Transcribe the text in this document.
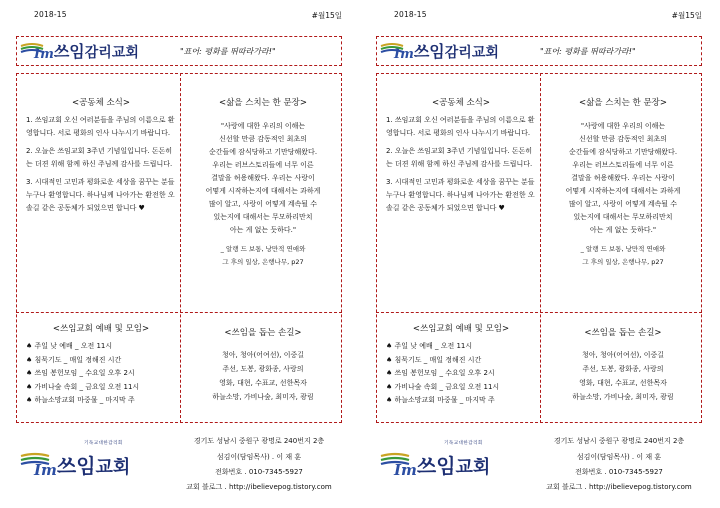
2018-15	#월15일
Im 쓰임 감리교회	"표어: 평화를 뛰따라가라!"
<공동체 소식>

1. 쓰임교회 오신 여러분들을 주님의 이름으로 환영합니다. 서로 평화의 인사 나누시기 바랍니다.

2. 오늘은 쓰임교회 3주년 기념일입니다. 돈돈히는 더젼 위해 함께 하신 주님께 감사를 드립니다.

3. 시대적인 고민과 평화로운 세상을 꿈꾸는 분들 누구나 환영합니다. 하나님께 나아가는 환전한 오솔길 같은 공동체가 되었으면 합니다 ♥

<삶을 스치는 한 문장>
"사랑에 대한 우리의 이해는
신선할 만큼 감동적인 최초의
순간들에 잠식당하고 기만당해왔다.
우리는 러브스토리들에 너무 이른
결말을 허용해왔다. 우리는 사랑이
어떻게 시작하는지에 대해서는 과하게
많이 알고, 사랑이 어떻게 계속될 수
있는지에 대해서는 무모하리만치
아는 게 없는 듯하다."
_ 알랭 드 보통, 낭만적 연애와
그 후의 일상, 은행나무, p27
<쓰임교회 예배 및 모임>
♠ 주일 낮 예배 _ 오전 11시
♠ 침묵기도 _ 매일 정해진 시간
♠ 쓰임 봉헌모임 _ 수요일 오후 2시
♠ 가비나숲 속회 _ 금요일 오전 11시
♠ 하늘소망교회 마중물 _ 마지막 주
<쓰임을 돕는 손길>
청아, 청아(어여선), 이중길
주선, 도봉, 광화종, 사랑의
영화, 대현, 수표교, 선한목자
하늘소망, 가비나숲, 최미자, 광림
기독교대한감리회
Im 쓰임 교회
경기도 성남시 중원구 광명로 240번지 2층
섬김이(담임목사) . 이 재 훈
전화번호 . 010-7345-5927
교회 블로그 . http://ibelievepog.tistory.com
2018-15	#월15일
Im 쓰임 감리교회	"표어: 평화를 뛰따라가라!"
<공동체 소식>

1. 쓰임교회 오신 여러분들을 주님의 이름으로 환영합니다. 서로 평화의 인사 나누시기 바랍니다.

2. 오늘은 쓰임교회 3주년 기념일입니다. 돈돈히는 더젼 위해 함께 하신 주님께 감사를 드립니다.

3. 시대적인 고민과 평화로운 세상을 꿈꾸는 분들 누구나 환영합니다. 하나님께 나아가는 환전한 오솔길 같은 공동체가 되었으면 합니다 ♥

<삶을 스치는 한 문장>
"사랑에 대한 우리의 이해는
신선할 만큼 감동적인 최초의
순간들에 잠식당하고 기만당해왔다.
우리는 러브스토리들에 너무 이른
결말을 허용해왔다. 우리는 사랑이
어떻게 시작하는지에 대해서는 과하게
많이 알고, 사랑이 어떻게 계속될 수
있는지에 대해서는 무모하리만치
아는 게 없는 듯하다."
_ 알랭 드 보통, 낭만적 연애와
그 후의 일상, 은행나무, p27
<쓰임교회 예배 및 모임>
♠ 주일 낮 예배 _ 오전 11시
♠ 침묵기도 _ 매일 정해진 시간
♠ 쓰임 봉헌모임 _ 수요일 오후 2시
♠ 가비나숲 속회 _ 금요일 오전 11시
♠ 하늘소망교회 마중물 _ 마지막 주
<쓰임을 돕는 손길>
청아, 청아(어여선), 이중길
주선, 도봉, 광화종, 사랑의
영화, 대현, 수표교, 선한목자
하늘소망, 가비나숲, 최미자, 광림
기독교대한감리회
Im 쓰임 교회
경기도 성남시 중원구 광명로 240번지 2층
섬김이(담임목사) . 이 재 훈
전화번호 . 010-7345-5927
교회 블로그 . http://ibelievepog.tistory.com
